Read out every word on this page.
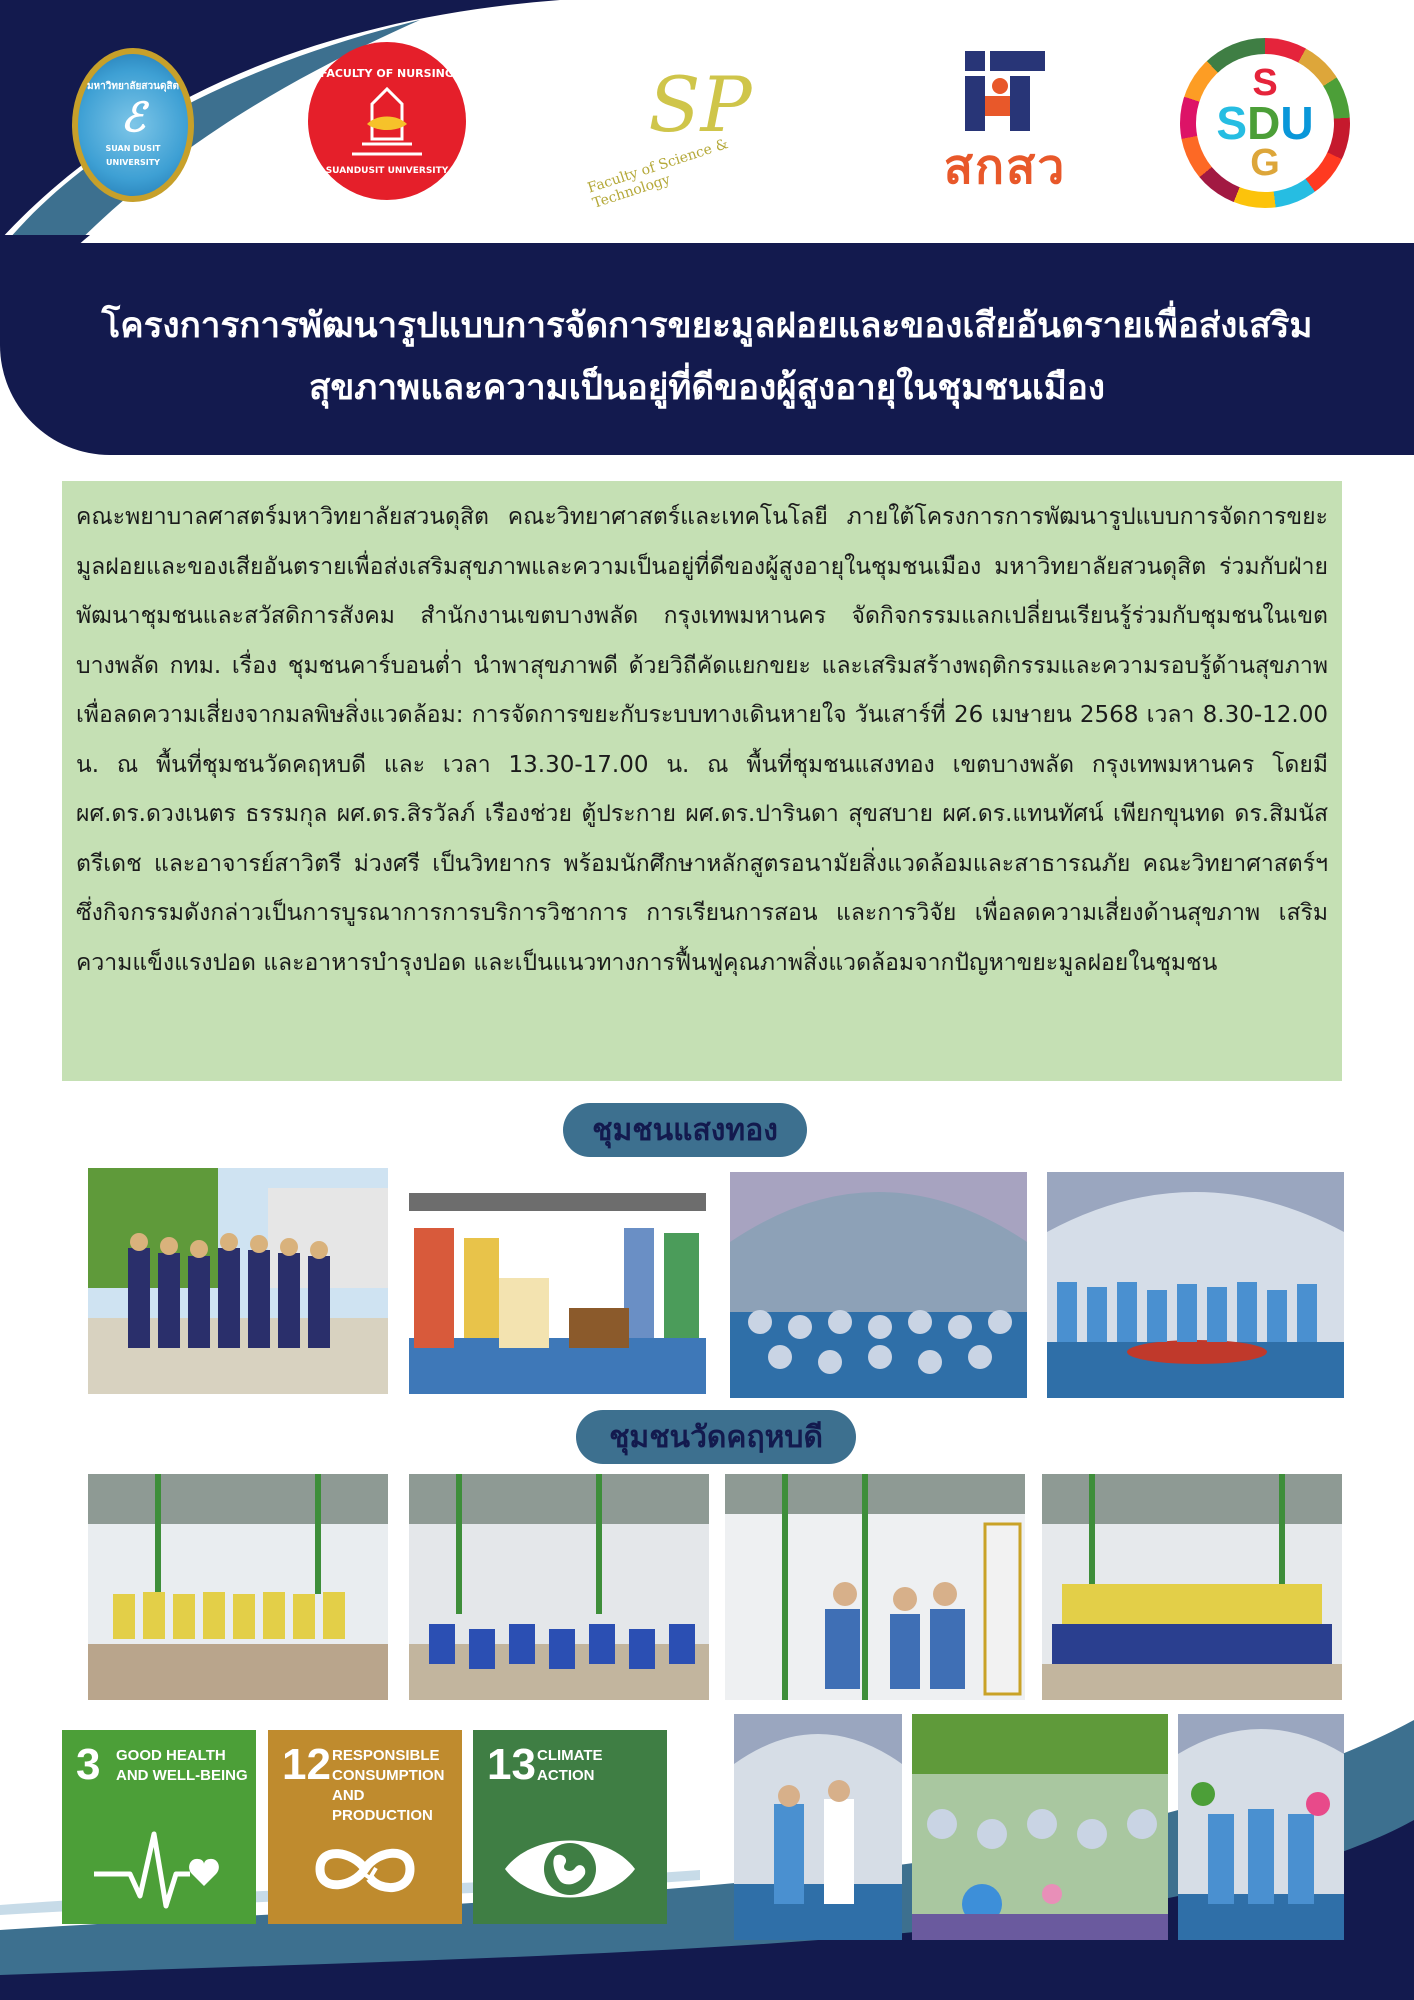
มหาวิทยาลัยสวนดุสิต
ℰ
SUAN DUSIT UNIVERSITY
FACULTY OF NURSING
SUANDUSIT UNIVERSITY
SP
Faculty of Science & Technology	สกสว
S
SDU
G
โครงการการพัฒนารูปแบบการจัดการขยะมูลฝอยและของเสียอันตรายเพื่อส่งเสริม
สุขภาพและความเป็นอยู่ที่ดีของผู้สูงอายุในชุมชนเมือง

คณะพยาบาลศาสตร์มหาวิทยาลัยสวนดุสิต คณะวิทยาศาสตร์และเทคโนโลยี ภายใต้โครงการการพัฒนารูปแบบการจัดการขยะมูลฝอยและของเสียอันตรายเพื่อส่งเสริมสุขภาพและความเป็นอยู่ที่ดีของผู้สูงอายุในชุมชนเมือง มหาวิทยาลัยสวนดุสิต ร่วมกับฝ่ายพัฒนาชุมชนและสวัสดิการสังคม สำนักงานเขตบางพลัด กรุงเทพมหานคร จัดกิจกรรมแลกเปลี่ยนเรียนรู้ร่วมกับชุมชนในเขตบางพลัด กทม. เรื่อง ชุมชนคาร์บอนต่ำ นำพาสุขภาพดี ด้วยวิถีคัดแยกขยะ และเสริมสร้างพฤติกรรมและความรอบรู้ด้านสุขภาพเพื่อลดความเสี่ยงจากมลพิษสิ่งแวดล้อม: การจัดการขยะกับระบบทางเดินหายใจ วันเสาร์ที่ 26 เมษายน 2568 เวลา 8.30-12.00 น. ณ พื้นที่ชุมชนวัดคฤหบดี และ เวลา 13.30-17.00 น. ณ พื้นที่ชุมชนแสงทอง เขตบางพลัด กรุงเทพมหานคร โดยมี ผศ.ดร.ดวงเนตร ธรรมกุล ผศ.ดร.สิรวัลภ์ เรืองช่วย ตู้ประกาย ผศ.ดร.ปารินดา สุขสบาย ผศ.ดร.แทนทัศน์ เพียกขุนทด ดร.สิมนัส ตรีเดช และอาจารย์สาวิตรี ม่วงศรี เป็นวิทยากร พร้อมนักศึกษาหลักสูตรอนามัยสิ่งแวดล้อมและสาธารณภัย คณะวิทยาศาสตร์ฯ ซึ่งกิจกรรมดังกล่าวเป็นการบูรณาการการบริการวิชาการ การเรียนการสอน และการวิจัย เพื่อลดความเสี่ยงด้านสุขภาพ เสริมความแข็งแรงปอด และอาหารบำรุงปอด และเป็นแนวทางการฟื้นฟูคุณภาพสิ่งแวดล้อมจากปัญหาขยะมูลฝอยในชุมชน

ชุมชนแสงทอง
ชุมชนวัดคฤหบดี
3 GOOD HEALTH
AND WELL-BEING 12 RESPONSIBLE
CONSUMPTION
AND PRODUCTION
13 CLIMATE
ACTION
